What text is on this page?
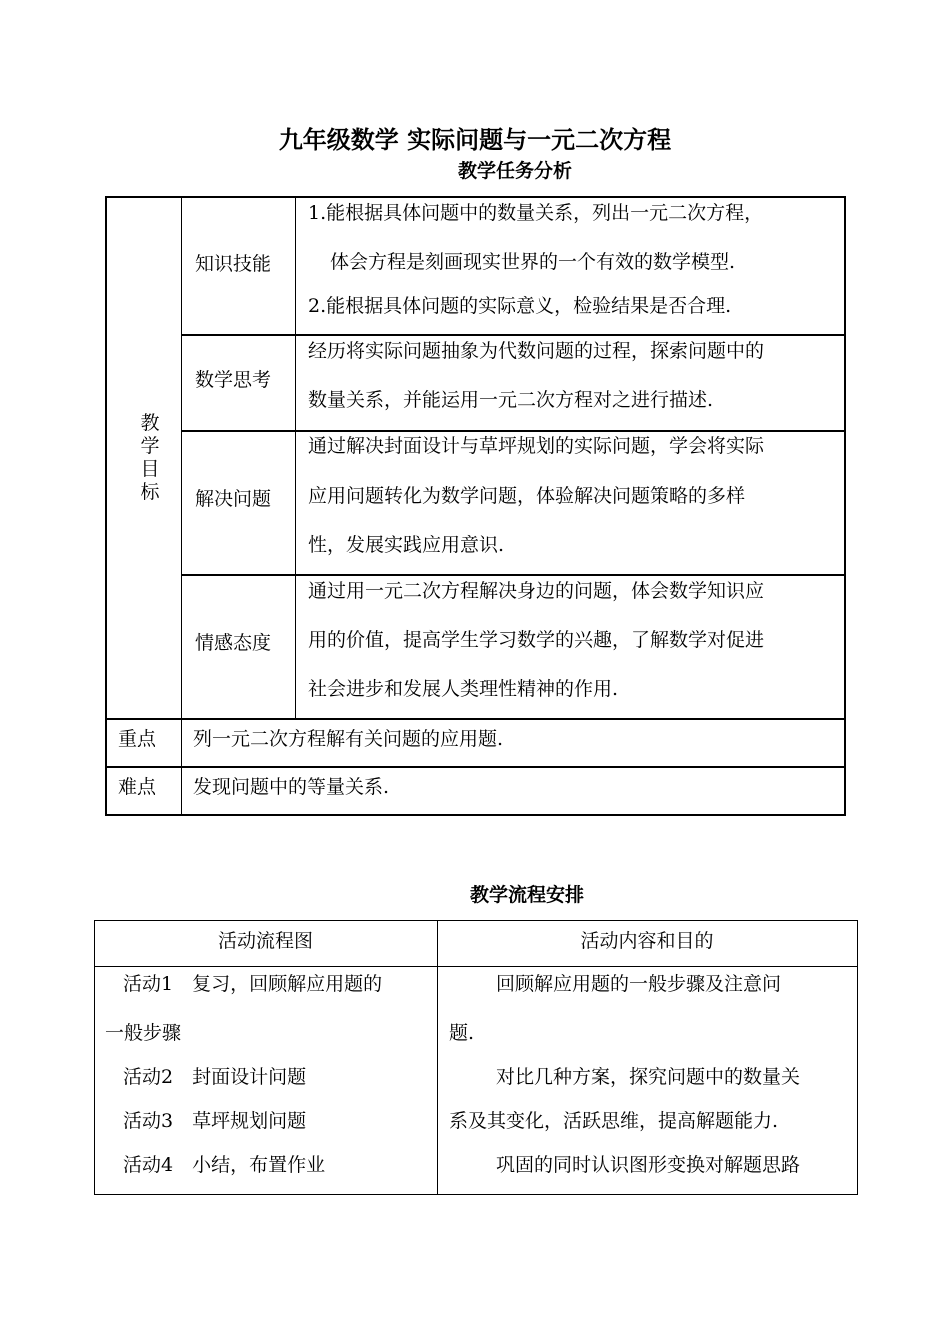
九年级数学 实际问题与一元二次方程
教学任务分析
教
学
目
标
知识技能
1.能根据具体问题中的数量关系，列出一元二次方程，
体会方程是刻画现实世界的一个有效的数学模型.
2.能根据具体问题的实际意义，检验结果是否合理.
数学思考
经历将实际问题抽象为代数问题的过程，探索问题中的
数量关系，并能运用一元二次方程对之进行描述.
解决问题
通过解决封面设计与草坪规划的实际问题，学会将实际
应用问题转化为数学问题，体验解决问题策略的多样
性，发展实践应用意识.
情感态度
通过用一元二次方程解决身边的问题，体会数学知识应
用的价值，提高学生学习数学的兴趣，了解数学对促进
社会进步和发展人类理性精神的作用.
重点 列一元二次方程解有关问题的应用题.
难点 发现问题中的等量关系.
教学流程安排
活动流程图	活动内容和目的
活动1　复习，回顾解应用题的
一般步骤
活动2　封面设计问题
活动3　草坪规划问题
活动4　小结，布置作业
回顾解应用题的一般步骤及注意问
题.
对比几种方案，探究问题中的数量关
系及其变化，活跃思维，提高解题能力.
巩固的同时认识图形变换对解题思路
